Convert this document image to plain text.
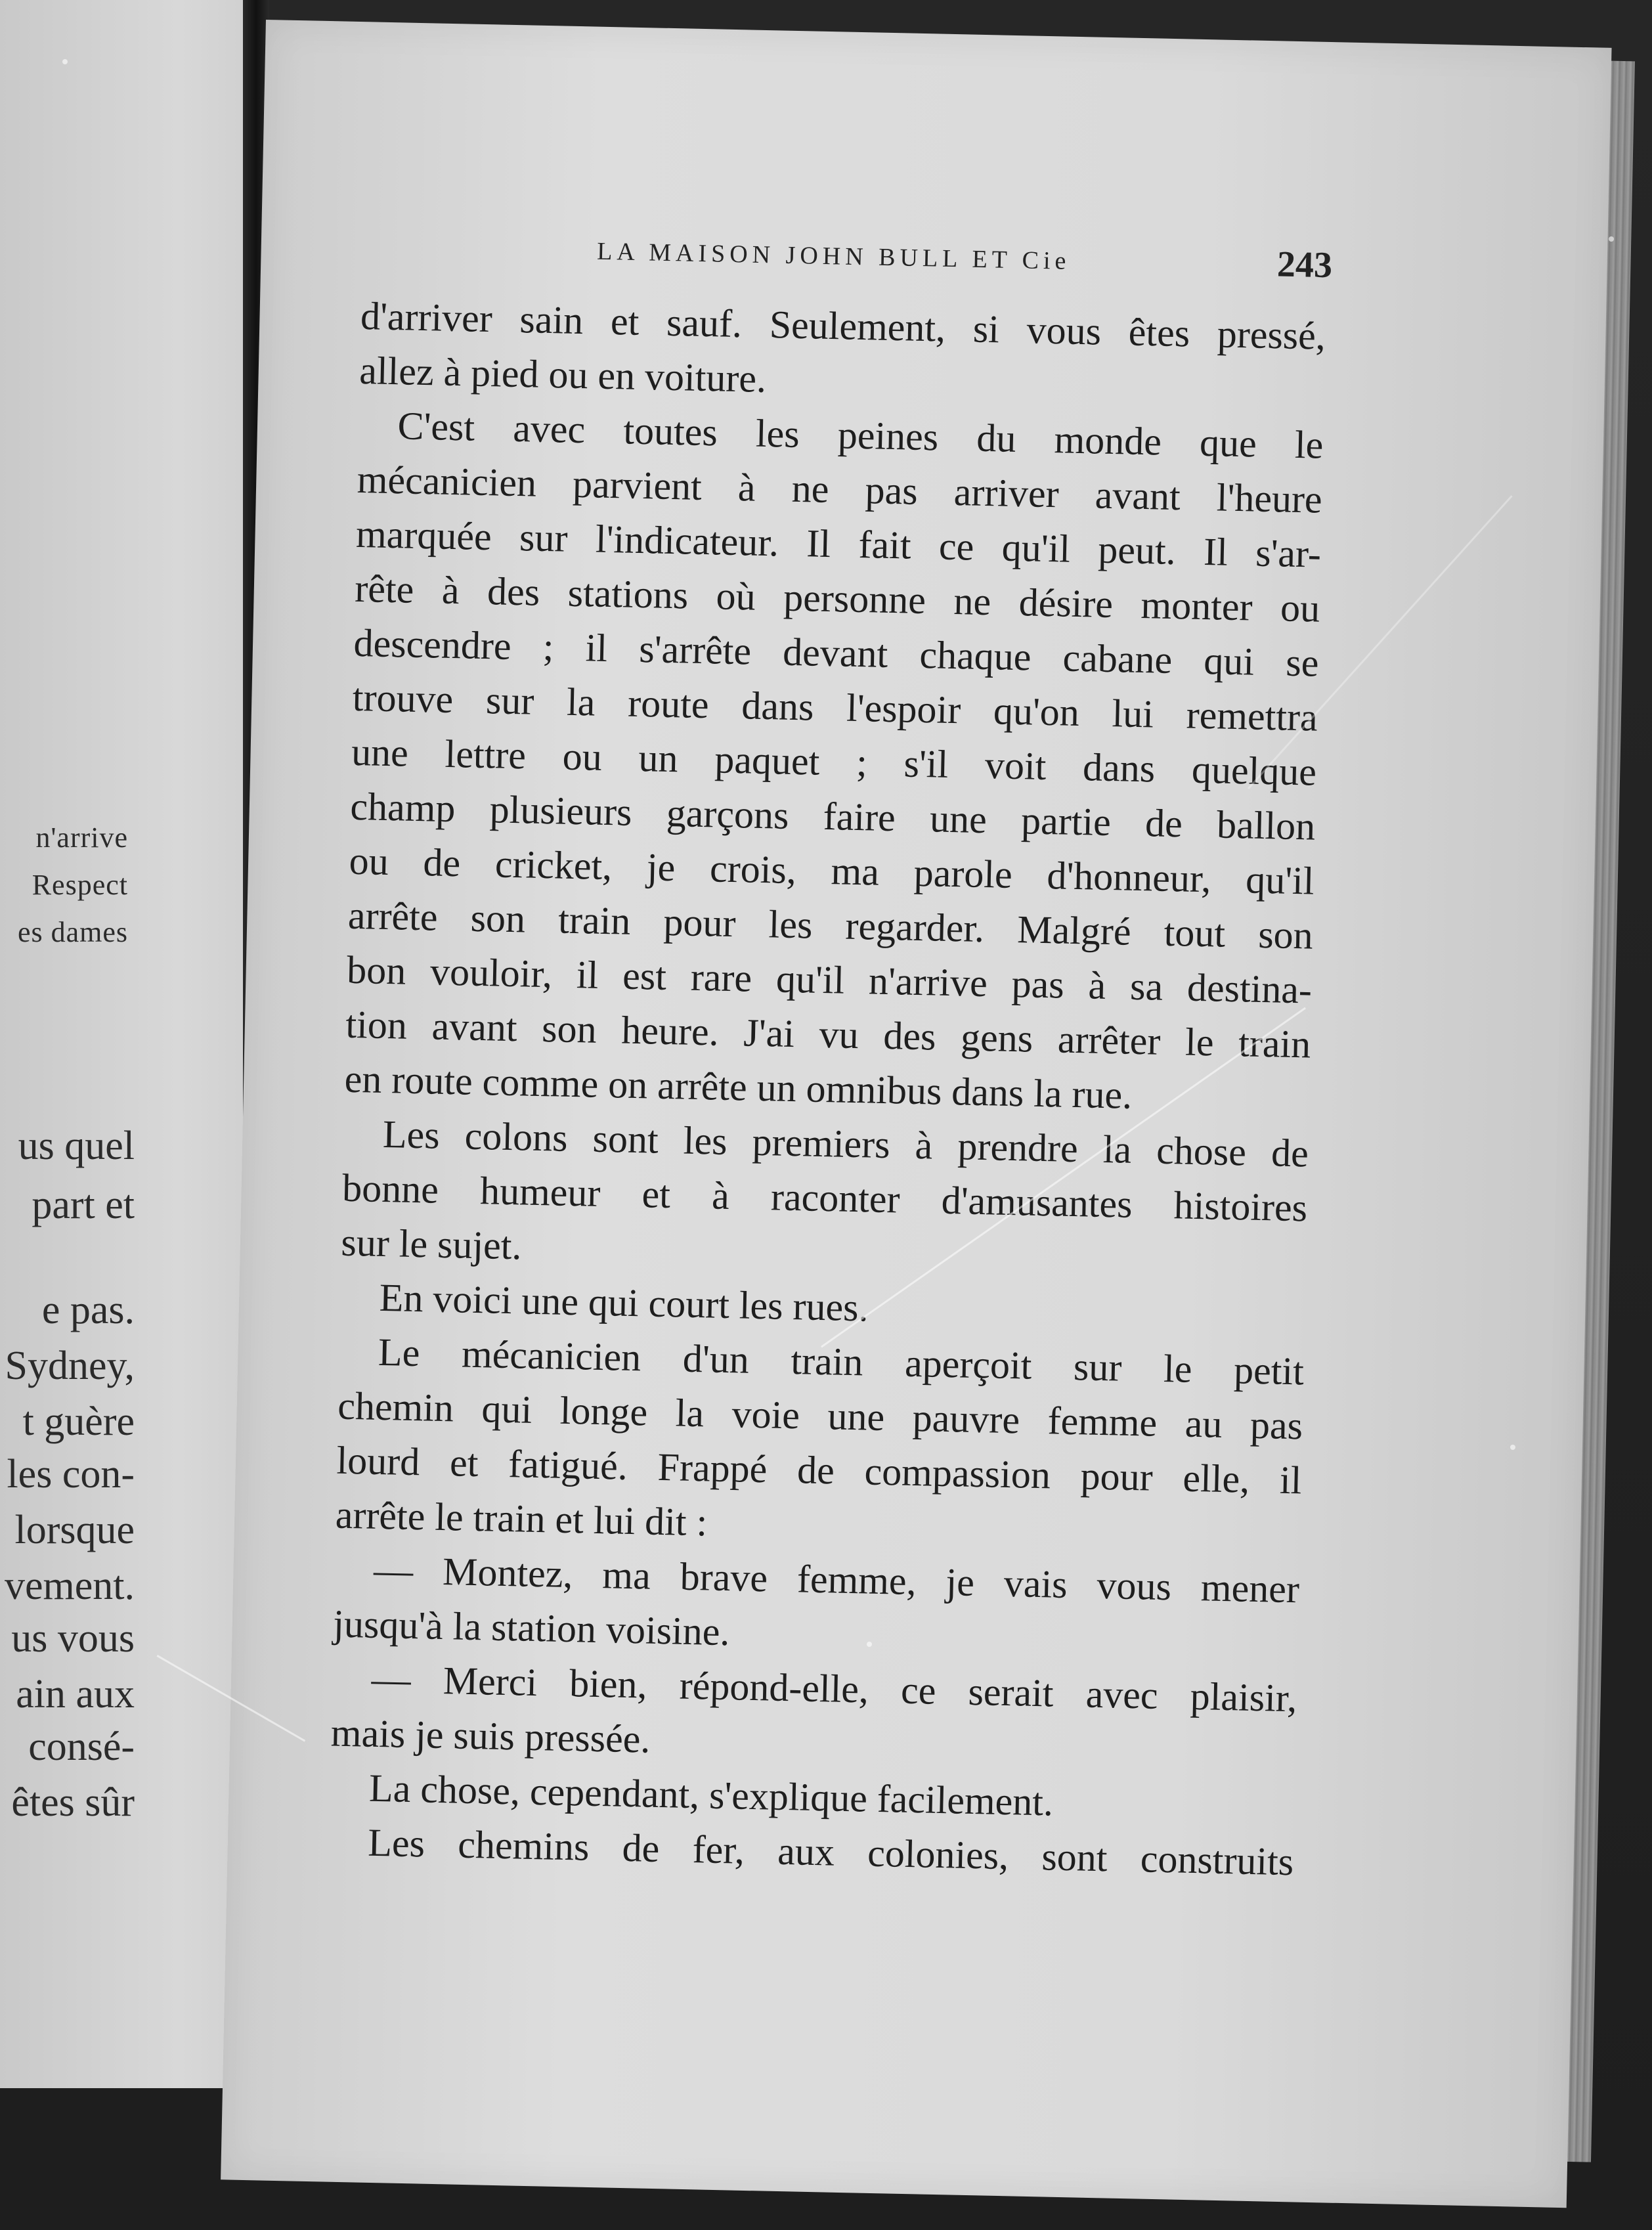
n'arrive
Respect
es dames
us quel
part et
e pas.
Sydney,
t guère
les con-
lorsque
vement.
us vous
ain aux
consé-
êtes sûr
LA MAISON JOHN BULL ET Cie	243
d'arriver sain et sauf. Seulement, si vous êtes pressé,
allez à pied ou en voiture.
C'est avec toutes les peines du monde que le
mécanicien parvient à ne pas arriver avant l'heure
marquée sur l'indicateur. Il fait ce qu'il peut. Il s'ar-
rête à des stations où personne ne désire monter ou
descendre ; il s'arrête devant chaque cabane qui se
trouve sur la route dans l'espoir qu'on lui remettra
une lettre ou un paquet ; s'il voit dans quelque
champ plusieurs garçons faire une partie de ballon
ou de cricket, je crois, ma parole d'honneur, qu'il
arrête son train pour les regarder. Malgré tout son
bon vouloir, il est rare qu'il n'arrive pas à sa destina-
tion avant son heure. J'ai vu des gens arrêter le train
en route comme on arrête un omnibus dans la rue.
Les colons sont les premiers à prendre la chose de
bonne humeur et à raconter d'amusantes histoires
sur le sujet.
En voici une qui court les rues.
Le mécanicien d'un train aperçoit sur le petit
chemin qui longe la voie une pauvre femme au pas
lourd et fatigué. Frappé de compassion pour elle, il
arrête le train et lui dit :
— Montez, ma brave femme, je vais vous mener
jusqu'à la station voisine.
— Merci bien, répond-elle, ce serait avec plaisir,
mais je suis pressée.
La chose, cependant, s'explique facilement.
Les chemins de fer, aux colonies, sont construits
